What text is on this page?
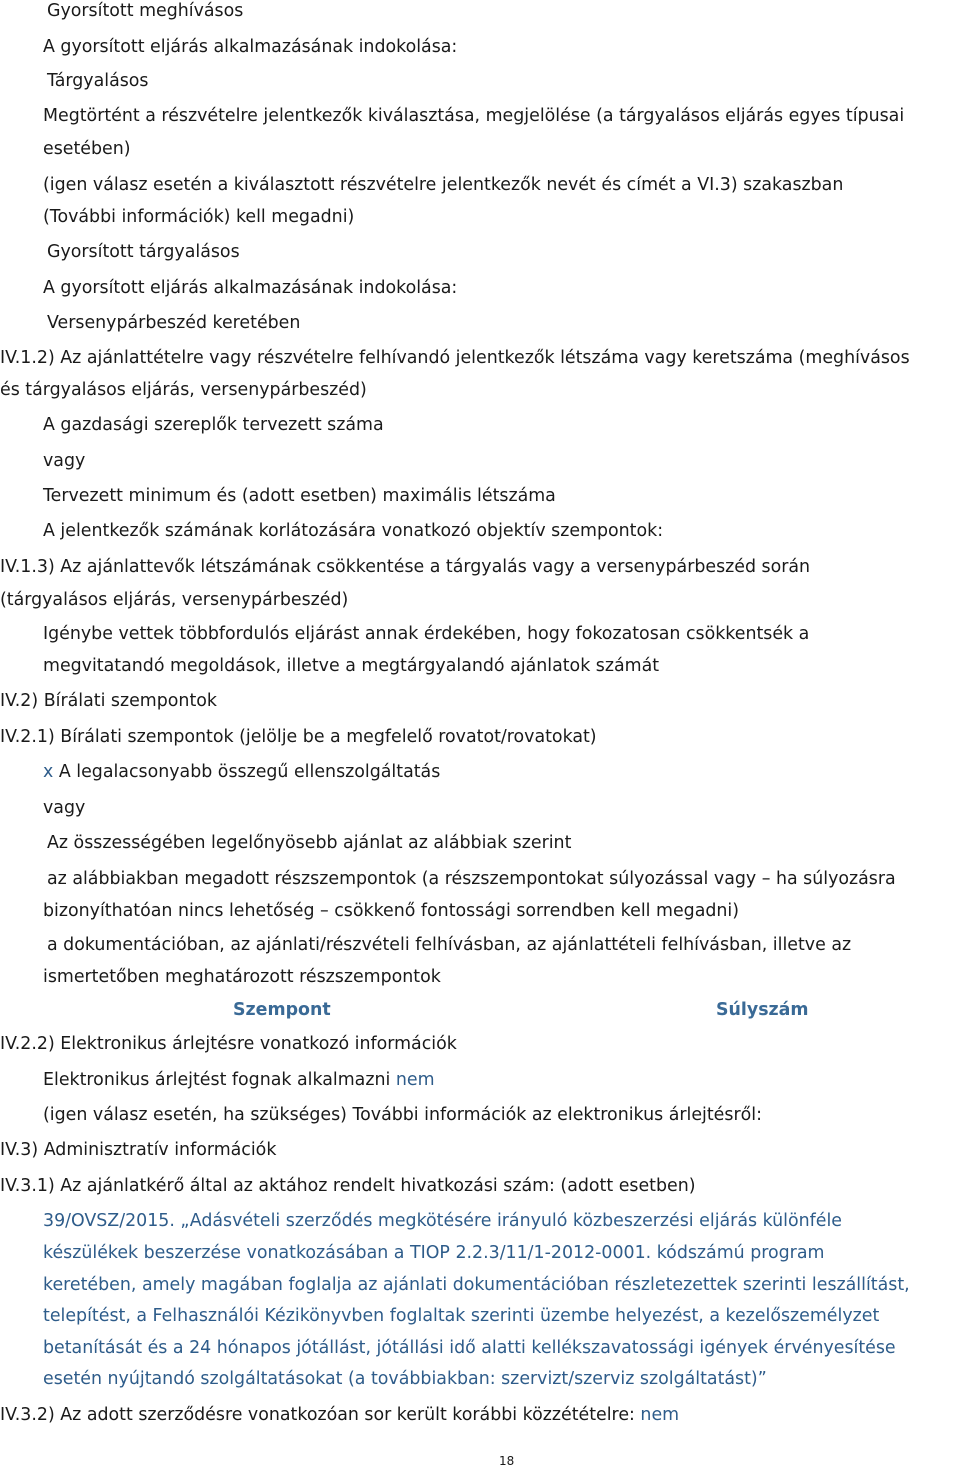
Gyorsított meghívásos
A gyorsított eljárás alkalmazásának indokolása:
Tárgyalásos
Megtörtént a részvételre jelentkezők kiválasztása, megjelölése (a tárgyalásos eljárás egyes típusai
esetében)
(igen válasz esetén a kiválasztott részvételre jelentkezők nevét és címét a VI.3) szakaszban
(További információk) kell megadni)
Gyorsított tárgyalásos
A gyorsított eljárás alkalmazásának indokolása:
Versenypárbeszéd keretében
IV.1.2) Az ajánlattételre vagy részvételre felhívandó jelentkezők létszáma vagy keretszáma (meghívásos
és tárgyalásos eljárás, versenypárbeszéd)
A gazdasági szereplők tervezett száma
vagy
Tervezett minimum és (adott esetben) maximális létszáma
A jelentkezők számának korlátozására vonatkozó objektív szempontok:
IV.1.3) Az ajánlattevők létszámának csökkentése a tárgyalás vagy a versenypárbeszéd során
(tárgyalásos eljárás, versenypárbeszéd)
Igénybe vettek többfordulós eljárást annak érdekében, hogy fokozatosan csökkentsék a
megvitatandó megoldások, illetve a megtárgyalandó ajánlatok számát
IV.2) Bírálati szempontok
IV.2.1) Bírálati szempontok (jelölje be a megfelelő rovatot/rovatokat)
x A legalacsonyabb összegű ellenszolgáltatás
vagy
Az összességében legelőnyösebb ajánlat az alábbiak szerint
az alábbiakban megadott részszempontok (a részszempontokat súlyozással vagy – ha súlyozásra
bizonyíthatóan nincs lehetőség – csökkenő fontossági sorrendben kell megadni)
a dokumentációban, az ajánlati/részvételi felhívásban, az ajánlattételi felhívásban, illetve az
ismertetőben meghatározott részszempontok
Szempont	Súlyszám
IV.2.2) Elektronikus árlejtésre vonatkozó információk
Elektronikus árlejtést fognak alkalmazni nem
(igen válasz esetén, ha szükséges) További információk az elektronikus árlejtésről:
IV.3) Adminisztratív információk
IV.3.1) Az ajánlatkérő által az aktához rendelt hivatkozási szám: (adott esetben)
39/OVSZ/2015. „Adásvételi szerződés megkötésére irányuló közbeszerzési eljárás különféle
készülékek beszerzése vonatkozásában a TIOP 2.2.3/11/1-2012-0001. kódszámú program
keretében, amely magában foglalja az ajánlati dokumentációban részletezettek szerinti leszállítást,
telepítést, a Felhasználói Kézikönyvben foglaltak szerinti üzembe helyezést, a kezelőszemélyzet
betanítását és a 24 hónapos jótállást, jótállási idő alatti kellékszavatossági igények érvényesítése
esetén nyújtandó szolgáltatásokat (a továbbiakban: szervizt/szerviz szolgáltatást)”
IV.3.2) Az adott szerződésre vonatkozóan sor került korábbi közzétételre: nem
18
